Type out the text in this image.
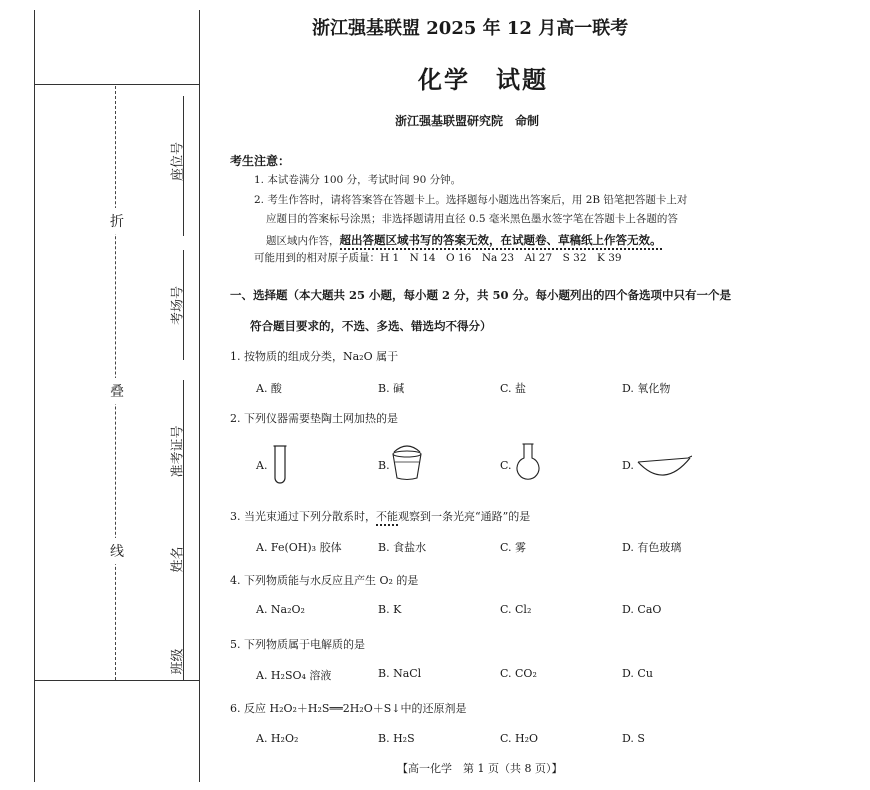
折
叠
线
座位号
考场号
准考证号
姓名
班级
浙江强基联盟 2025 年 12 月高一联考
化学　试题
浙江强基联盟研究院　命制
考生注意：
1. 本试卷满分 100 分，考试时间 90 分钟。
2. 考生作答时，请将答案答在答题卡上。选择题每小题选出答案后，用 2B 铅笔把答题卡上对
应题目的答案标号涂黑；非选择题请用直径 0.5 毫米黑色墨水签字笔在答题卡上各题的答
题区域内作答，超出答题区域书写的答案无效，在试题卷、草稿纸上作答无效。
可能用到的相对原子质量：H 1　N 14　O 16　Na 23　Al 27　S 32　K 39
一、选择题（本大题共 25 小题，每小题 2 分，共 50 分。每小题列出的四个备选项中只有一个是
符合题目要求的，不选、多选、错选均不得分）
1. 按物质的组成分类，Na₂O 属于
A. 酸	B. 碱	C. 盐	D. 氧化物
2. 下列仪器需要垫陶土网加热的是
A.	B.	C.	D.
3. 当光束通过下列分散系时，不能观察到一条光亮“通路”的是
A. Fe(OH)₃ 胶体	B. 食盐水	C. 雾	D. 有色玻璃
4. 下列物质能与水反应且产生 O₂ 的是
A. Na₂O₂	B. K	C. Cl₂	D. CaO
5. 下列物质属于电解质的是
A. H₂SO₄ 溶液	B. NaCl	C. CO₂	D. Cu
6. 反应 H₂O₂＋H₂S══2H₂O＋S↓中的还原剂是
A. H₂O₂	B. H₂S	C. H₂O	D. S
【高一化学　第 1 页（共 8 页）】
